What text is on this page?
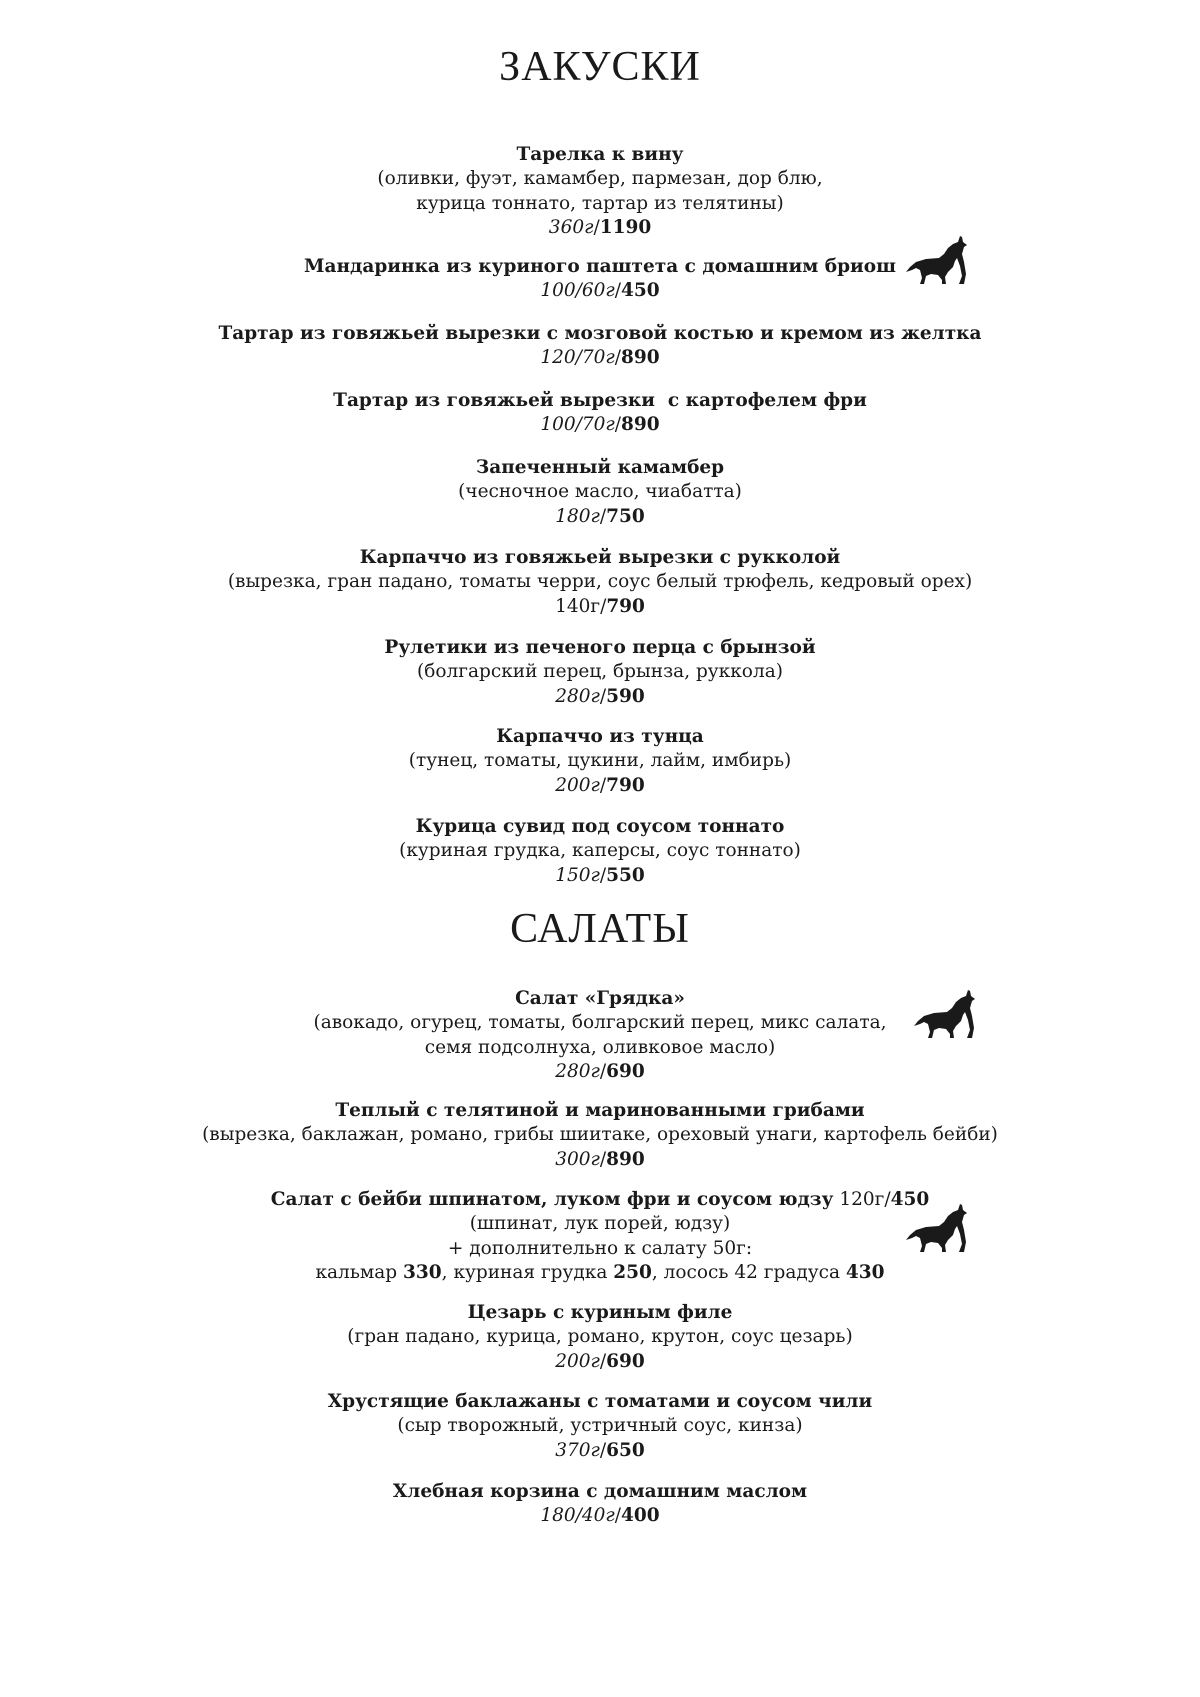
ЗАКУСКИ
Тарелка к вину
(оливки, фуэт, камамбер, пармезан, дор блю,
курица тоннато, тартар из телятины)
360г/1190
Мандаринка из куриного паштета с домашним бриош
100/60г/450
Тартар из говяжьей вырезки с мозговой костью и кремом из желтка
120/70г/890
Тартар из говяжьей вырезки  с картофелем фри
100/70г/890
Запеченный камамбер
(чесночное масло, чиабатта)
180г/750
Карпаччо из говяжьей вырезки с рукколой
(вырезка, гран падано, томаты черри, соус белый трюфель, кедровый орех)
140г/790
Рулетики из печеного перца с брынзой
(болгарский перец, брынза, руккола)
280г/590
Карпаччо из тунца
(тунец, томаты, цукини, лайм, имбирь)
200г/790
Курица сувид под соусом тоннато
(куриная грудка, каперсы, соус тоннато)
150г/550
САЛАТЫ
Салат «Грядка»
(авокадо, огурец, томаты, болгарский перец, микс салата,
семя подсолнуха, оливковое масло)
280г/690
Теплый с телятиной и маринованными грибами
(вырезка, баклажан, романо, грибы шиитаке, ореховый унаги, картофель бейби)
300г/890
Салат с бейби шпинатом, луком фри и соусом юдзу 120г/450
(шпинат, лук порей, юдзу)
+ дополнительно к салату 50г:
кальмар 330, куриная грудка 250, лосось 42 градуса 430
Цезарь с куриным филе
(гран падано, курица, романо, крутон, соус цезарь)
200г/690
Хрустящие баклажаны с томатами и соусом чили
(сыр творожный, устричный соус, кинза)
370г/650
Хлебная корзина с домашним маслом
180/40г/400
